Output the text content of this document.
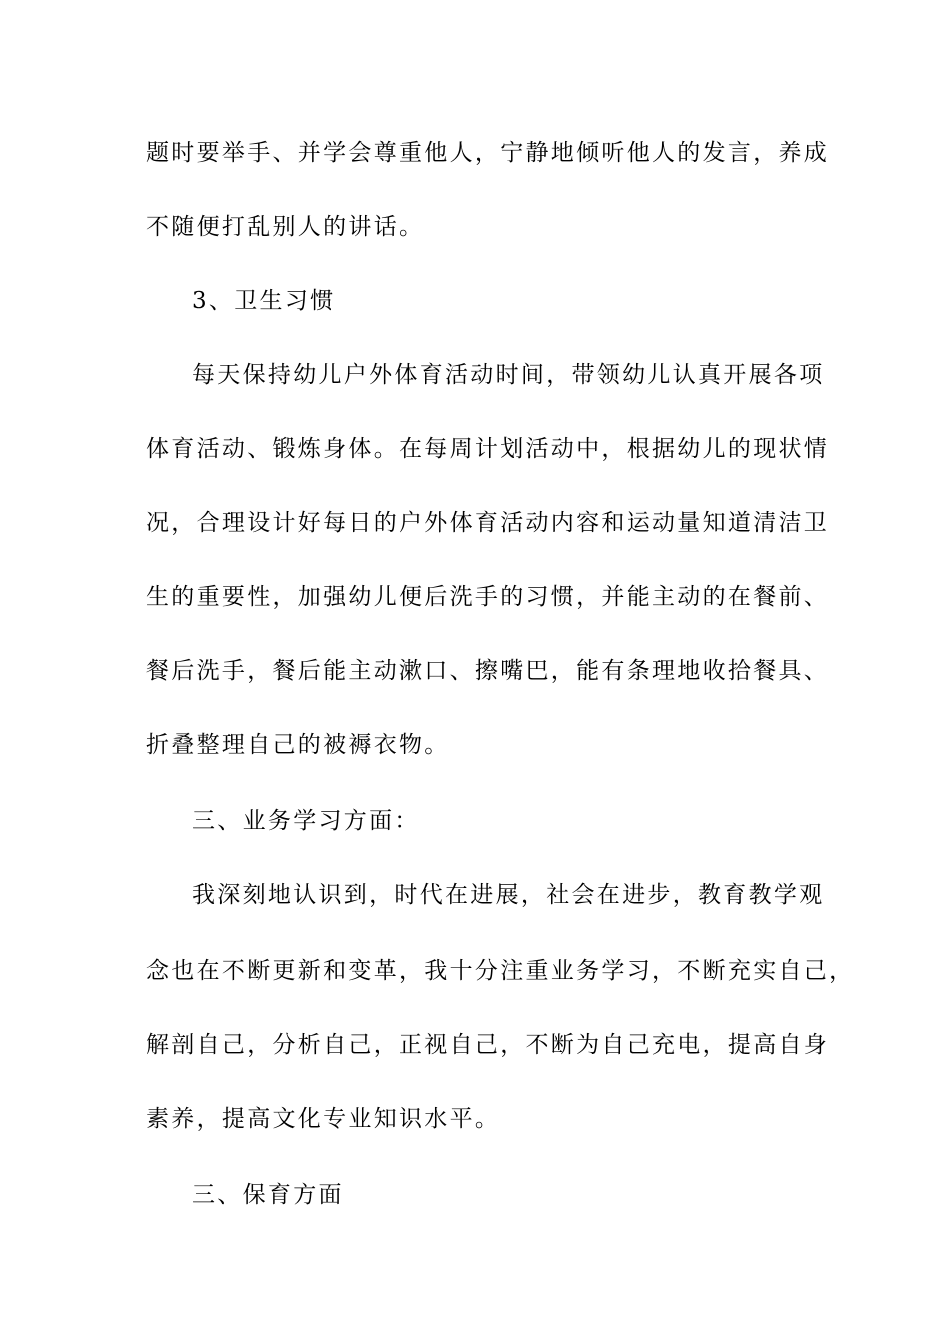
题时要举手、并学会尊重他人，宁静地倾听他人的发言，养成
不随便打乱别人的讲话。
3、卫生习惯
每天保持幼儿户外体育活动时间，带领幼儿认真开展各项
体育活动、锻炼身体。在每周计划活动中，根据幼儿的现状情
况，合理设计好每日的户外体育活动内容和运动量知道清洁卫
生的重要性，加强幼儿便后洗手的习惯，并能主动的在餐前、
餐后洗手，餐后能主动漱口、擦嘴巴，能有条理地收拾餐具、
折叠整理自己的被褥衣物。
三、业务学习方面：
我深刻地认识到，时代在进展，社会在进步，教育教学观
念也在不断更新和变革，我十分注重业务学习，不断充实自己，
解剖自己，分析自己，正视自己，不断为自己充电，提高自身
素养，提高文化专业知识水平。
三、保育方面
